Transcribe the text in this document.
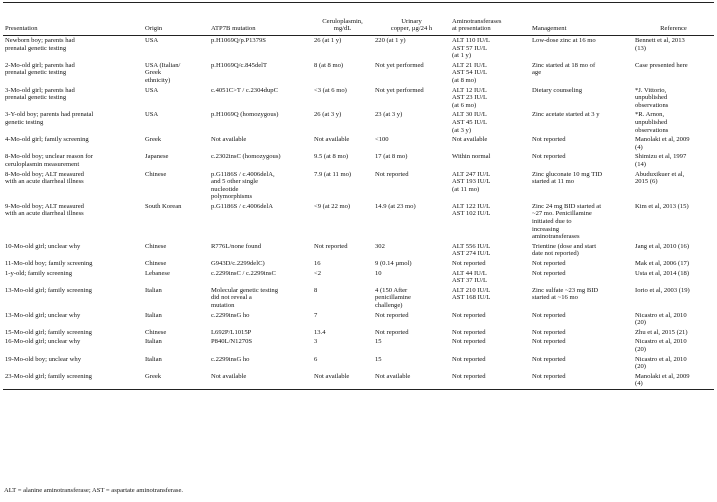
Presentation	Origin	ATP7B mutation	Ceruloplasmin,
mg/dL	Urinary
copper, µg/24 h	Aminotransferases
at presentation	Management	Reference

Newborn boy; parents had
prenatal genetic testing	USA	p.H1069Q/p.P1379S	26 (at 1 y)	220 (at 1 y)	ALT 110 IU/L
AST 57 IU/L
(at 1 y)	Low-dose zinc at 16 mo	Bennett et al, 2013
(13)

2-Mo-old girl; parents had
prenatal genetic testing	USA (Italian/
Greek
ethnicity)	p.H1069Q/c.845delT	8 (at 8 mo)	Not yet performed	ALT 21 IU/L
AST 54 IU/L
(at 8 mo)	Zinc started at 18 mo of
age	Case presented here

3-Mo-old girl; parents had
prenatal genetic testing	USA	c.4051C>T / c.2304dupC	<3 (at 6 mo)	Not yet performed	ALT 12 IU/L
AST 23 IU/L
(at 6 mo)	Dietary counseling	*J. Vittorio,
unpublished
observations

3-Y-old boy; parents had prenatal
genetic testing	USA	p.H1069Q (homozygous)	26 (at 3 y)	23 (at 3 y)	ALT 30 IU/L
AST 45 IU/L
(at 3 y)	Zinc acetate started at 3 y	*R. Arnon,
unpublished
observations

4-Mo-old girl; family screening	Greek	Not available	Not available	<100	Not available	Not reported	Manolaki et al, 2009
(4)

8-Mo-old boy; unclear reason for
ceruloplasmin measurement	Japanese	c.2302insC (homozygous)	9.5 (at 8 mo)	17 (at 8 mo)	Within normal	Not reported	Shimizu et al, 1997
(14)

8-Mo-old boy; ALT measured
with an acute diarrheal illness	Chinese	p.G1186S / c.4006delA,
and 5 other single
nucleotide
polymorphisms	7.9 (at 11 mo)	Not reported	ALT 247 IU/L
AST 193 IU/L
(at 11 mo)	Zinc gluconate 10 mg TID
started at 11 mo	Abuduxikuer et al,
2015 (6)

9-Mo-old boy; ALT measured
with an acute diarrheal illness	South Korean	p.G1186S / c.4006delA	<9 (at 22 mo)	14.9 (at 23 mo)	ALT 122 IU/L
AST 102 IU/L	Zinc 24 mg BID started at
~27 mo. Penicillamine
initiated due to
increasing
aminotransferases	Kim et al, 2013 (15)

10-Mo-old girl; unclear why	Chinese	R776L/none found	Not reported	302	ALT 556 IU/L
AST 274 IU/L	Trientine (dose and start
date not reported)	Jang et al, 2010 (16)

11-Mo-old boy; family screening	Chinese	G943D/c.2299delC)	16	9 (0.14 µmol)	Not reported	Not reported	Mak et al, 2006 (17)

1-y-old; family screening	Lebanese	c.2299insC / c.2299insC	<2	10	ALT 44 IU/L
AST 37 IU/L	Not reported	Usta et al, 2014 (18)

13-Mo-old girl; family screening	Italian	Molecular genetic testing
did not reveal a
mutation	8	4 (150 After
penicillamine
challenge)	ALT 210 IU/L
AST 168 IU/L	Zinc sulfate ~23 mg BID
started at ~16 mo	Iorio et al, 2003 (19)

13-Mo-old girl; unclear why	Italian	c.2299insG ho	7	Not reported	Not reported	Not reported	Nicastro et al, 2010
(20)

15-Mo-old girl; family screening	Chinese	L692P/L1015P	13.4	Not reported	Not reported	Not reported	Zhu et al, 2015 (21)

16-Mo-old girl; unclear why	Italian	P840L/N1270S	3	15	Not reported	Not reported	Nicastro et al, 2010
(20)

19-Mo-old boy; unclear why	Italian	c.2299insG ho	6	15	Not reported	Not reported	Nicastro et al, 2010
(20)

23-Mo-old girl; family screening	Greek	Not available	Not available	Not available	Not reported	Not reported	Manolaki et al, 2009
(4)
ALT = alanine aminotransferase; AST = aspartate aminotransferase.
